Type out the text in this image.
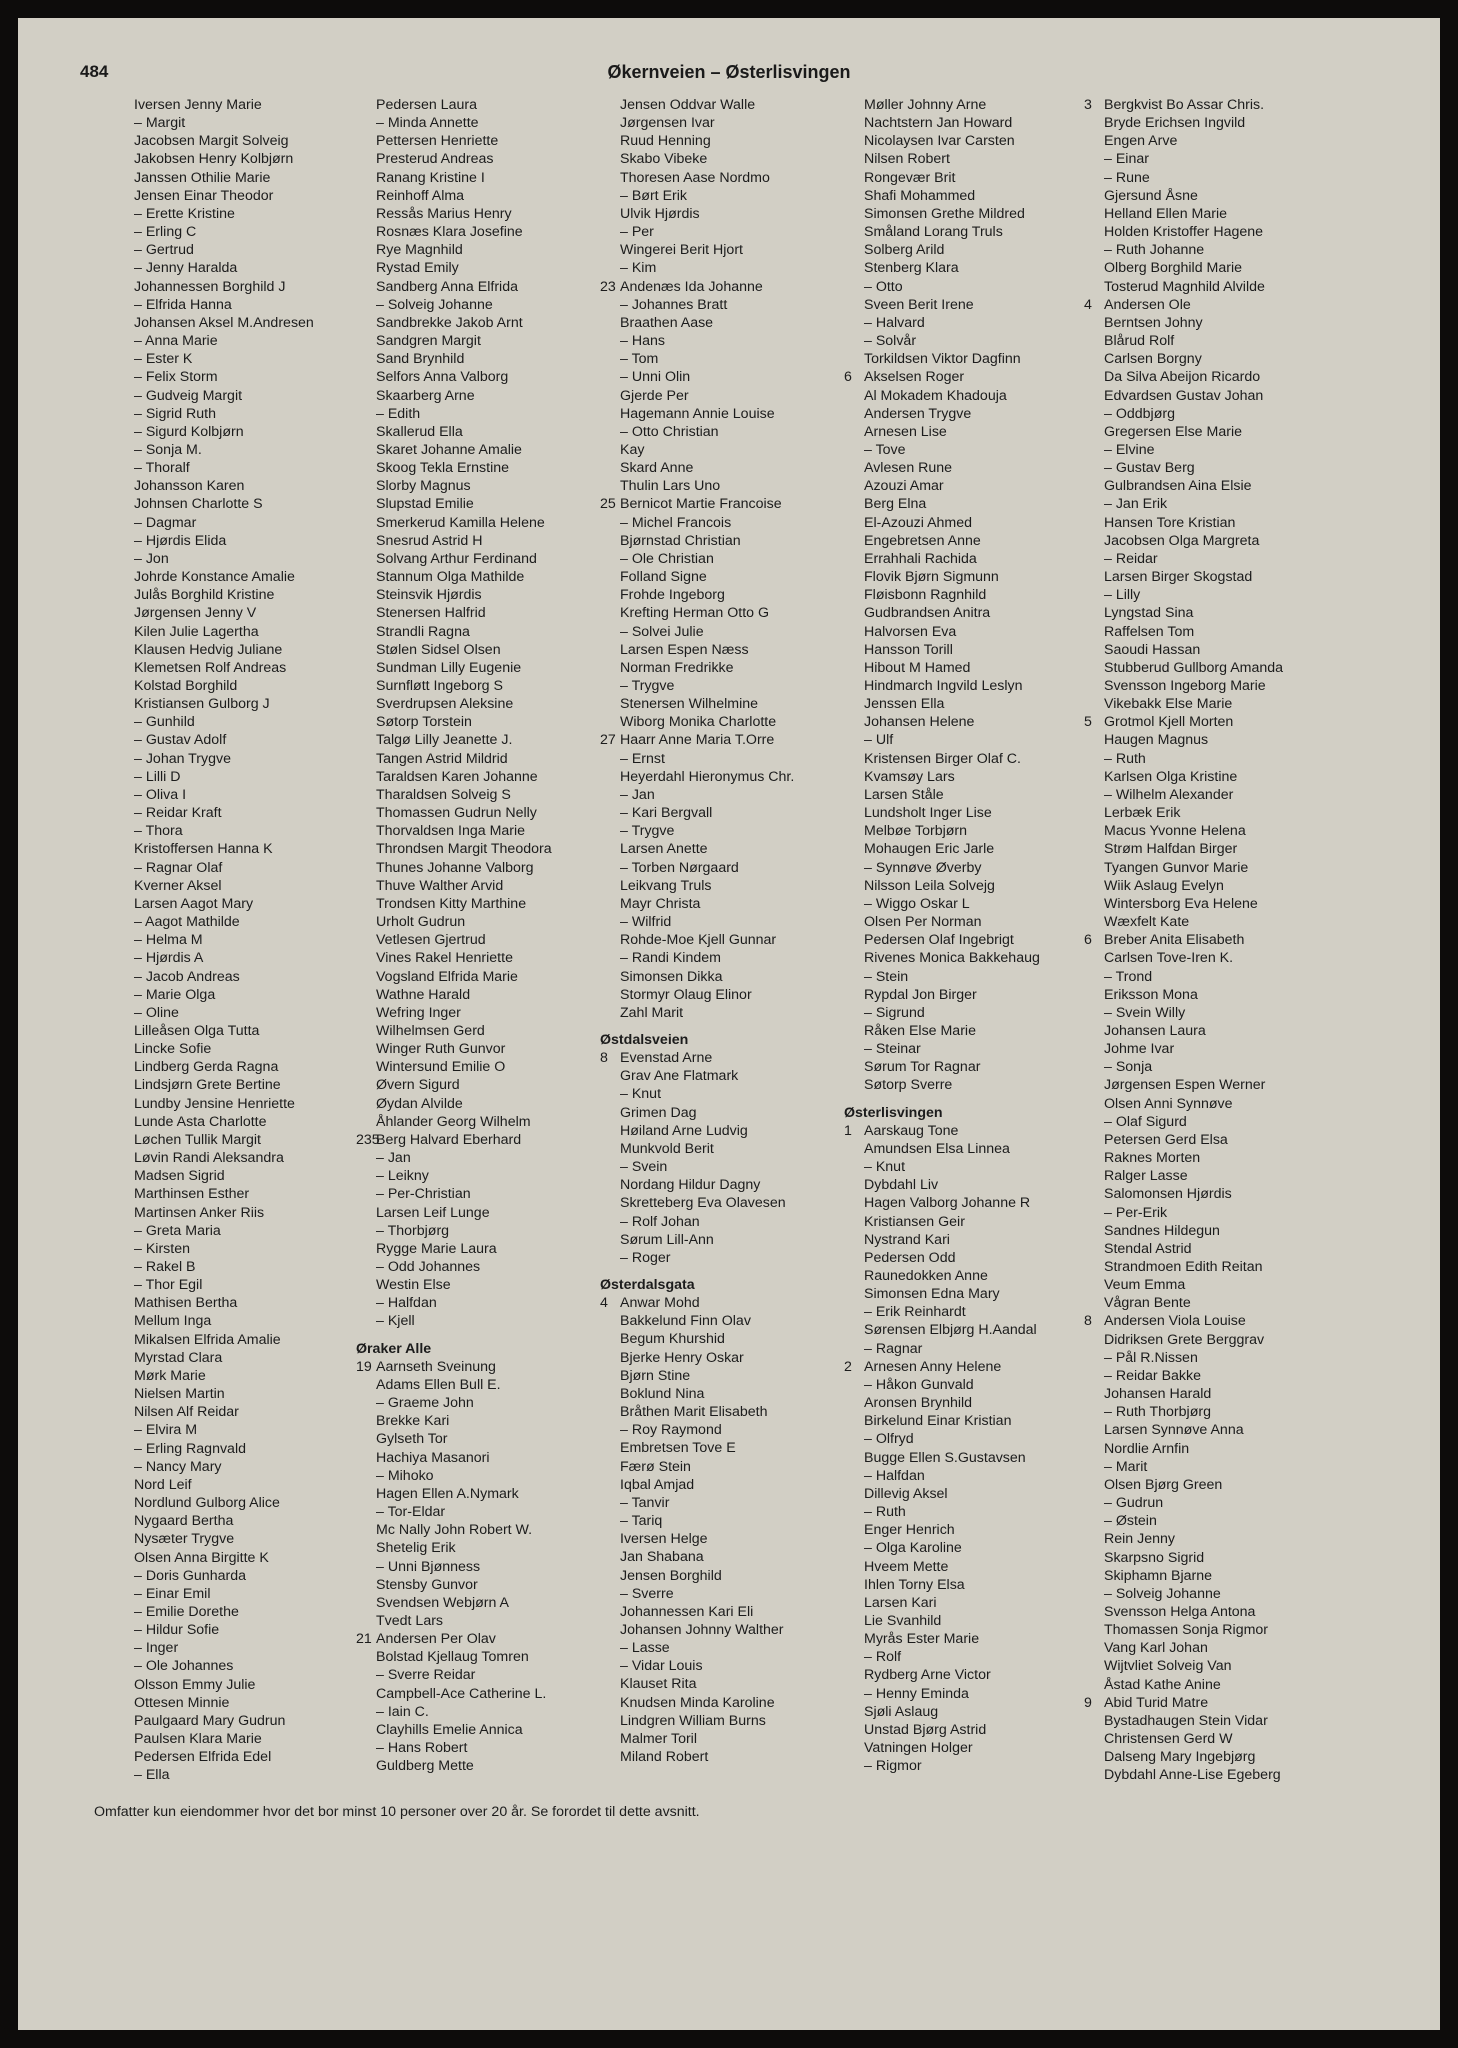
484	Økernveien – Østerlisvingen
Iversen Jenny Marie
– Margit
Jacobsen Margit Solveig
Jakobsen Henry Kolbjørn
Janssen Othilie Marie
Jensen Einar Theodor
– Erette Kristine
– Erling C
– Gertrud
– Jenny Haralda
Johannessen Borghild J
– Elfrida Hanna
Johansen Aksel M.Andresen
– Anna Marie
– Ester K
– Felix Storm
– Gudveig Margit
– Sigrid Ruth
– Sigurd Kolbjørn
– Sonja M.
– Thoralf
Johansson Karen
Johnsen Charlotte S
– Dagmar
– Hjørdis Elida
– Jon
Johrde Konstance Amalie
Julås Borghild Kristine
Jørgensen Jenny V
Kilen Julie Lagertha
Klausen Hedvig Juliane
Klemetsen Rolf Andreas
Kolstad Borghild
Kristiansen Gulborg J
– Gunhild
– Gustav Adolf
– Johan Trygve
– Lilli D
– Oliva I
– Reidar Kraft
– Thora
Kristoffersen Hanna K
– Ragnar Olaf
Kverner Aksel
Larsen Aagot Mary
– Aagot Mathilde
– Helma M
– Hjørdis A
– Jacob Andreas
– Marie Olga
– Oline
Lilleåsen Olga Tutta
Lincke Sofie
Lindberg Gerda Ragna
Lindsjørn Grete Bertine
Lundby Jensine Henriette
Lunde Asta Charlotte
Løchen Tullik Margit
Løvin Randi Aleksandra
Madsen Sigrid
Marthinsen Esther
Martinsen Anker Riis
– Greta Maria
– Kirsten
– Rakel B
– Thor Egil
Mathisen Bertha
Mellum Inga
Mikalsen Elfrida Amalie
Myrstad Clara
Mørk Marie
Nielsen Martin
Nilsen Alf Reidar
– Elvira M
– Erling Ragnvald
– Nancy Mary
Nord Leif
Nordlund Gulborg Alice
Nygaard Bertha
Nysæter Trygve
Olsen Anna Birgitte K
– Doris Gunharda
– Einar Emil
– Emilie Dorethe
– Hildur Sofie
– Inger
– Ole Johannes
Olsson Emmy Julie
Ottesen Minnie
Paulgaard Mary Gudrun
Paulsen Klara Marie
Pedersen Elfrida Edel
– Ella
Pedersen Laura
– Minda Annette
Pettersen Henriette
Presterud Andreas
Ranang Kristine I
Reinhoff Alma
Ressås Marius Henry
Rosnæs Klara Josefine
Rye Magnhild
Rystad Emily
Sandberg Anna Elfrida
– Solveig Johanne
Sandbrekke Jakob Arnt
Sandgren Margit
Sand Brynhild
Selfors Anna Valborg
Skaarberg Arne
– Edith
Skallerud Ella
Skaret Johanne Amalie
Skoog Tekla Ernstine
Slorby Magnus
Slupstad Emilie
Smerkerud Kamilla Helene
Snesrud Astrid H
Solvang Arthur Ferdinand
Stannum Olga Mathilde
Steinsvik Hjørdis
Stenersen Halfrid
Strandli Ragna
Stølen Sidsel Olsen
Sundman Lilly Eugenie
Surnfløtt Ingeborg S
Sverdrupsen Aleksine
Søtorp Torstein
Talgø Lilly Jeanette J.
Tangen Astrid Mildrid
Taraldsen Karen Johanne
Tharaldsen Solveig S
Thomassen Gudrun Nelly
Thorvaldsen Inga Marie
Throndsen Margit Theodora
Thunes Johanne Valborg
Thuve Walther Arvid
Trondsen Kitty Marthine
Urholt Gudrun
Vetlesen Gjertrud
Vines Rakel Henriette
Vogsland Elfrida Marie
Wathne Harald
Wefring Inger
Wilhelmsen Gerd
Winger Ruth Gunvor
Wintersund Emilie O
Øvern Sigurd
Øydan Alvilde
Åhlander Georg Wilhelm
235
Berg Halvard Eberhard
– Jan
– Leikny
– Per-Christian
Larsen Leif Lunge
– Thorbjørg
Rygge Marie Laura
– Odd Johannes
Westin Else
– Halfdan
– Kjell
Øraker Alle
19 Aarnseth Sveinung
Adams Ellen Bull E.
– Graeme John
Brekke Kari
Gylseth Tor
Hachiya Masanori
– Mihoko
Hagen Ellen A.Nymark
– Tor-Eldar
Mc Nally John Robert W.
Shetelig Erik
– Unni Bjønness
Stensby Gunvor
Svendsen Webjørn A
Tvedt Lars
21 Andersen Per Olav
Bolstad Kjellaug Tomren
– Sverre Reidar
Campbell-Ace Catherine L.
– Iain C.
Clayhills Emelie Annica
– Hans Robert
Guldberg Mette
Jensen Oddvar Walle
Jørgensen Ivar
Ruud Henning
Skabo Vibeke
Thoresen Aase Nordmo
– Børt Erik
Ulvik Hjørdis
– Per
Wingerei Berit Hjort
– Kim
23 Andenæs Ida Johanne
– Johannes Bratt
Braathen Aase
– Hans
– Tom
– Unni Olin
Gjerde Per
Hagemann Annie Louise
– Otto Christian
Kay
Skard Anne
Thulin Lars Uno
25 Bernicot Martie Francoise
– Michel Francois
Bjørnstad Christian
– Ole Christian
Folland Signe
Frohde Ingeborg
Krefting Herman Otto G
– Solvei Julie
Larsen Espen Næss
Norman Fredrikke
– Trygve
Stenersen Wilhelmine
Wiborg Monika Charlotte
27 Haarr Anne Maria T.Orre
– Ernst
Heyerdahl Hieronymus Chr.
– Jan
– Kari Bergvall
– Trygve
Larsen Anette
– Torben Nørgaard
Leikvang Truls
Mayr Christa
– Wilfrid
Rohde-Moe Kjell Gunnar
– Randi Kindem
Simonsen Dikka
Stormyr Olaug Elinor
Zahl Marit
Østdalsveien
8 Evenstad Arne
Grav Ane Flatmark
– Knut
Grimen Dag
Høiland Arne Ludvig
Munkvold Berit
– Svein
Nordang Hildur Dagny
Skretteberg Eva Olavesen
– Rolf Johan
Sørum Lill-Ann
– Roger
Østerdalsgata
4 Anwar Mohd
Bakkelund Finn Olav
Begum Khurshid
Bjerke Henry Oskar
Bjørn Stine
Boklund Nina
Bråthen Marit Elisabeth
– Roy Raymond
Embretsen Tove E
Færø Stein
Iqbal Amjad
– Tanvir
– Tariq
Iversen Helge
Jan Shabana
Jensen Borghild
– Sverre
Johannessen Kari Eli
Johansen Johnny Walther
– Lasse
– Vidar Louis
Klauset Rita
Knudsen Minda Karoline
Lindgren William Burns
Malmer Toril
Miland Robert
Møller Johnny Arne
Nachtstern Jan Howard
Nicolaysen Ivar Carsten
Nilsen Robert
Rongevær Brit
Shafi Mohammed
Simonsen Grethe Mildred
Småland Lorang Truls
Solberg Arild
Stenberg Klara
– Otto
Sveen Berit Irene
– Halvard
– Solvår
Torkildsen Viktor Dagfinn
6 Akselsen Roger
Al Mokadem Khadouja
Andersen Trygve
Arnesen Lise
– Tove
Avlesen Rune
Azouzi Amar
Berg Elna
El-Azouzi Ahmed
Engebretsen Anne
Errahhali Rachida
Flovik Bjørn Sigmunn
Fløisbonn Ragnhild
Gudbrandsen Anitra
Halvorsen Eva
Hansson Torill
Hibout M Hamed
Hindmarch Ingvild Leslyn
Jenssen Ella
Johansen Helene
– Ulf
Kristensen Birger Olaf C.
Kvamsøy Lars
Larsen Ståle
Lundsholt Inger Lise
Melbøe Torbjørn
Mohaugen Eric Jarle
– Synnøve Øverby
Nilsson Leila Solvejg
– Wiggo Oskar L
Olsen Per Norman
Pedersen Olaf Ingebrigt
Rivenes Monica Bakkehaug
– Stein
Rypdal Jon Birger
– Sigrund
Råken Else Marie
– Steinar
Sørum Tor Ragnar
Søtorp Sverre
Østerlisvingen
1 Aarskaug Tone
Amundsen Elsa Linnea
– Knut
Dybdahl Liv
Hagen Valborg Johanne R
Kristiansen Geir
Nystrand Kari
Pedersen Odd
Raunedokken Anne
Simonsen Edna Mary
– Erik Reinhardt
Sørensen Elbjørg H.Aandal
– Ragnar
2 Arnesen Anny Helene
– Håkon Gunvald
Aronsen Brynhild
Birkelund Einar Kristian
– Olfryd
Bugge Ellen S.Gustavsen
– Halfdan
Dillevig Aksel
– Ruth
Enger Henrich
– Olga Karoline
Hveem Mette
Ihlen Torny Elsa
Larsen Kari
Lie Svanhild
Myrås Ester Marie
– Rolf
Rydberg Arne Victor
– Henny Eminda
Sjøli Aslaug
Unstad Bjørg Astrid
Vatningen Holger
– Rigmor
3 Bergkvist Bo Assar Chris.
Bryde Erichsen Ingvild
Engen Arve
– Einar
– Rune
Gjersund Åsne
Helland Ellen Marie
Holden Kristoffer Hagene
– Ruth Johanne
Olberg Borghild Marie
Tosterud Magnhild Alvilde
4 Andersen Ole
Berntsen Johny
Blårud Rolf
Carlsen Borgny
Da Silva Abeijon Ricardo
Edvardsen Gustav Johan
– Oddbjørg
Gregersen Else Marie
– Elvine
– Gustav Berg
Gulbrandsen Aina Elsie
– Jan Erik
Hansen Tore Kristian
Jacobsen Olga Margreta
– Reidar
Larsen Birger Skogstad
– Lilly
Lyngstad Sina
Raffelsen Tom
Saoudi Hassan
Stubberud Gullborg Amanda
Svensson Ingeborg Marie
Vikebakk Else Marie
5 Grotmol Kjell Morten
Haugen Magnus
– Ruth
Karlsen Olga Kristine
– Wilhelm Alexander
Lerbæk Erik
Macus Yvonne Helena
Strøm Halfdan Birger
Tyangen Gunvor Marie
Wiik Aslaug Evelyn
Wintersborg Eva Helene
Wæxfelt Kate
6 Breber Anita Elisabeth
Carlsen Tove-Iren K.
– Trond
Eriksson Mona
– Svein Willy
Johansen Laura
Johme Ivar
– Sonja
Jørgensen Espen Werner
Olsen Anni Synnøve
– Olaf Sigurd
Petersen Gerd Elsa
Raknes Morten
Ralger Lasse
Salomonsen Hjørdis
– Per-Erik
Sandnes Hildegun
Stendal Astrid
Strandmoen Edith Reitan
Veum Emma
Vågran Bente
8 Andersen Viola Louise
Didriksen Grete Berggrav
– Pål R.Nissen
– Reidar Bakke
Johansen Harald
– Ruth Thorbjørg
Larsen Synnøve Anna
Nordlie Arnfin
– Marit
Olsen Bjørg Green
– Gudrun
– Østein
Rein Jenny
Skarpsno Sigrid
Skiphamn Bjarne
– Solveig Johanne
Svensson Helga Antona
Thomassen Sonja Rigmor
Vang Karl Johan
Wijtvliet Solveig Van
Åstad Kathe Anine
9 Abid Turid Matre
Bystadhaugen Stein Vidar
Christensen Gerd W
Dalseng Mary Ingebjørg
Dybdahl Anne-Lise Egeberg
Omfatter kun eiendommer hvor det bor minst 10 personer over 20 år. Se forordet til dette avsnitt.
